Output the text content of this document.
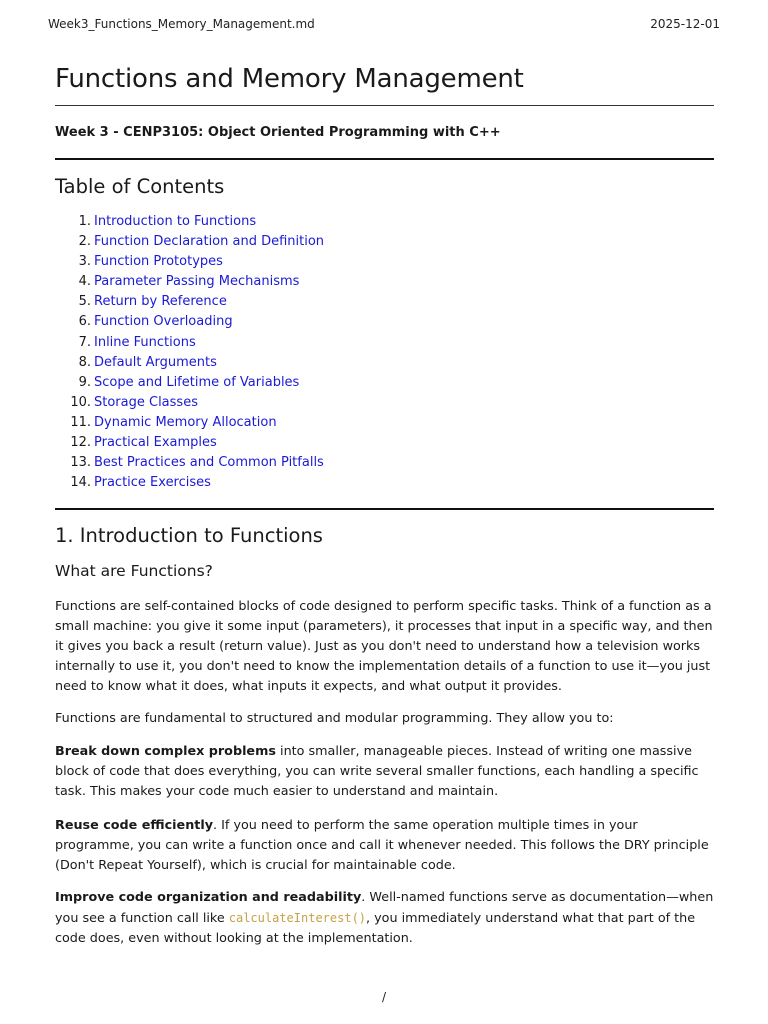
Week3_Functions_Memory_Management.md	2025-12-01
Functions and Memory Management

Week 3 - CENP3105: Object Oriented Programming with C++

Table of Contents
1. Introduction to Functions
2. Function Declaration and Definition
3. Function Prototypes
4. Parameter Passing Mechanisms
5. Return by Reference
6. Function Overloading
7. Inline Functions
8. Default Arguments
9. Scope and Lifetime of Variables
10. Storage Classes
11. Dynamic Memory Allocation
12. Practical Examples
13. Best Practices and Common Pitfalls
14. Practice Exercises
1. Introduction to Functions
What are Functions?

Functions are self-contained blocks of code designed to perform specific tasks. Think of a function as a small machine: you give it some input (parameters), it processes that input in a specific way, and then it gives you back a result (return value). Just as you don't need to understand how a television works internally to use it, you don't need to know the implementation details of a function to use it—you just need to know what it does, what inputs it expects, and what output it provides.

Functions are fundamental to structured and modular programming. They allow you to:

Break down complex problems into smaller, manageable pieces. Instead of writing one massive block of code that does everything, you can write several smaller functions, each handling a specific task. This makes your code much easier to understand and maintain.

Reuse code efficiently. If you need to perform the same operation multiple times in your programme, you can write a function once and call it whenever needed. This follows the DRY principle (Don't Repeat Yourself), which is crucial for maintainable code.

Improve code organization and readability. Well-named functions serve as documentation—when you see a function call like calculateInterest(), you immediately understand what that part of the code does, even without looking at the implementation.

/
